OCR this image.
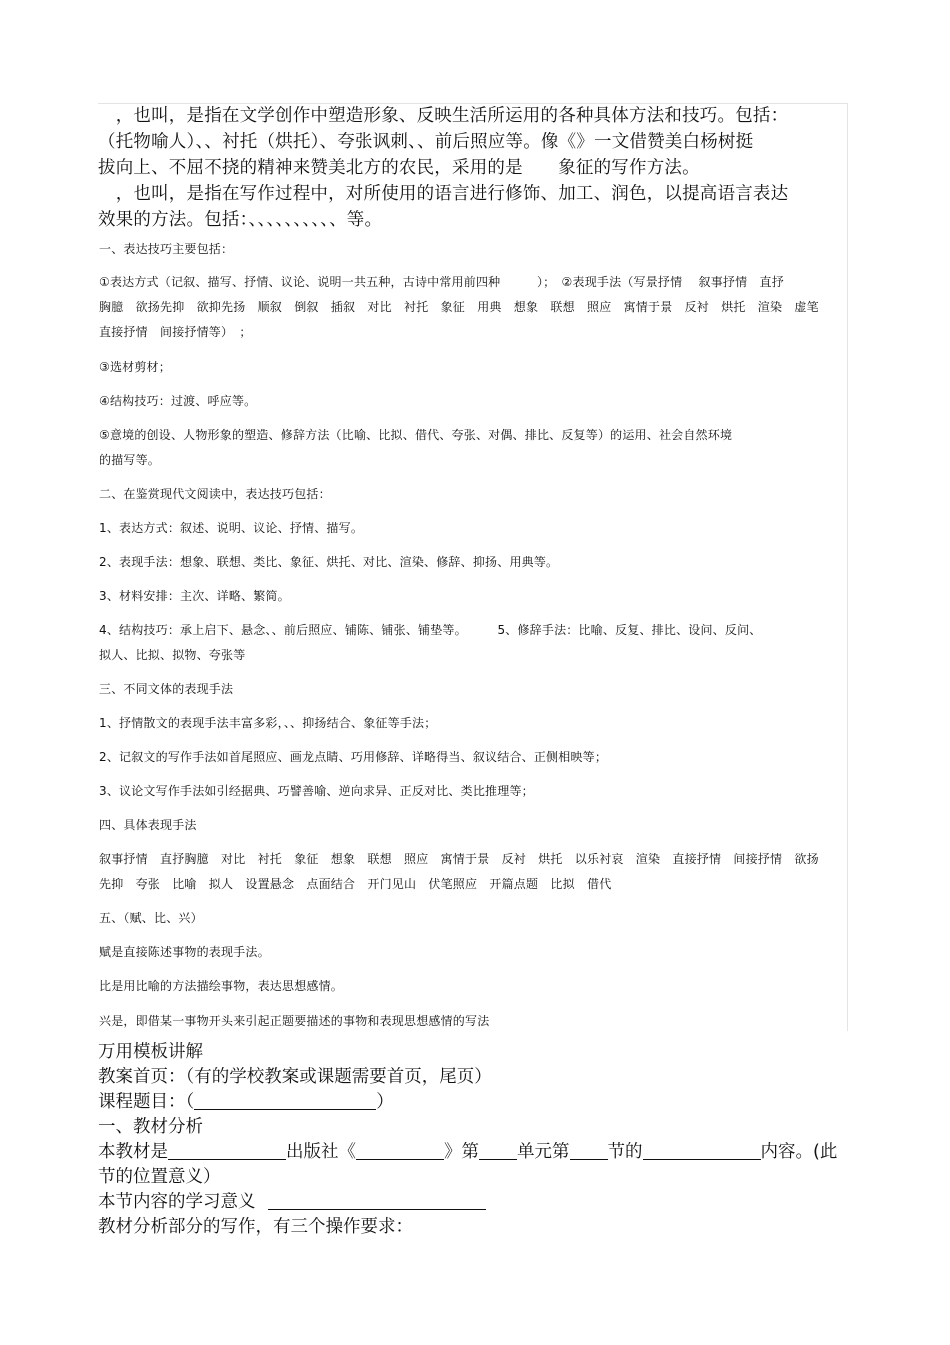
　，也叫，是指在文学创作中塑造形象、反映生活所运用的各种具体方法和技巧。包括：

（托物喻人）、、衬托（烘托）、夸张讽刺、、前后照应等。像《》一文借赞美白杨树挺

拔向上、不屈不挠的精神来赞美北方的农民，采用的是　　象征的写作方法。

　，也叫，是指在写作过程中，对所使用的语言进行修饰、加工、润色，以提高语言表达

效果的方法。包括：、、、、、、、、、、等。

一、表达技巧主要包括：

①表达方式（记叙、描写、抒情、议论、说明一共五种，古诗中常用前四种　　　）；　②表现手法（写景抒情　 叙事抒情　直抒

胸臆　欲扬先抑　欲抑先扬　顺叙　倒叙　插叙　对比　衬托　象征　用典　想象　联想　照应　寓情于景　反衬　烘托　渲染　虚笔

直接抒情　间接抒情等）　；

③选材剪材；

④结构技巧：过渡、呼应等。

⑤意境的创设、人物形象的塑造、修辞方法（比喻、比拟、借代、夸张、对偶、排比、反复等）的运用、社会自然环境

的描写等。

二、在鉴赏现代文阅读中，表达技巧包括：

1、表达方式：叙述、说明、议论、抒情、描写。

2、表现手法：想象、联想、类比、象征、烘托、对比、渲染、修辞、抑扬、用典等。

3、材料安排：主次、详略、繁简。

4、结构技巧：承上启下、悬念、、前后照应、铺陈、铺张、铺垫等。　　　5、修辞手法：比喻、反复、排比、设问、反问、

拟人、比拟、拟物、夸张等

三、不同文体的表现手法

1、抒情散文的表现手法丰富多彩，、、抑扬结合、象征等手法；

2、记叙文的写作手法如首尾照应、画龙点睛、巧用修辞、详略得当、叙议结合、正侧相映等；

3、议论文写作手法如引经据典、巧譬善喻、逆向求异、正反对比、类比推理等；

四、具体表现手法

叙事抒情　直抒胸臆　对比　衬托　象征　想象　联想　照应　寓情于景　反衬　烘托　以乐衬哀　渲染　直接抒情　间接抒情　欲扬

先抑　夸张　比喻　拟人　设置悬念　点面结合　开门见山　伏笔照应　开篇点题　比拟　借代

五、（赋、比、兴）

赋是直接陈述事物的表现手法。

比是用比喻的方法描绘事物，表达思想感情。

兴是，即借某一事物开头来引起正题要描述的事物和表现思想感情的写法

万用模板讲解

教案首页：（有的学校教案或课题需要首页，尾页）

课程题目：（	）

一、教材分析

本教材是	出版社《	》第 单元第 节的	内容。(此

节的位置意义）

本节内容的学习意义

教材分析部分的写作，有三个操作要求：
